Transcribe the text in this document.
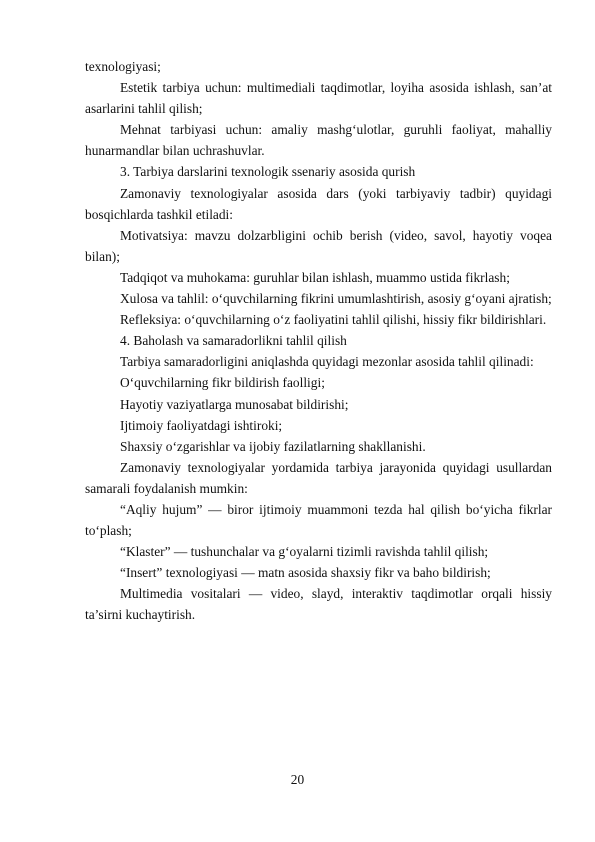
texnologiyasi;

Estetik tarbiya uchun: multimediali taqdimotlar, loyiha asosida ishlash, san’at asarlarini tahlil qilish;

Mehnat tarbiyasi uchun: amaliy mashg‘ulotlar, guruhli faoliyat, mahalliy hunarmandlar bilan uchrashuvlar.

3. Tarbiya darslarini texnologik ssenariy asosida qurish

Zamonaviy texnologiyalar asosida dars (yoki tarbiyaviy tadbir) quyidagi bosqichlarda tashkil etiladi:

Motivatsiya: mavzu dolzarbligini ochib berish (video, savol, hayotiy voqea bilan);

Tadqiqot va muhokama: guruhlar bilan ishlash, muammo ustida fikrlash;

Xulosa va tahlil: o‘quvchilarning fikrini umumlashtirish, asosiy g‘oyani ajratish;

Refleksiya: o‘quvchilarning o‘z faoliyatini tahlil qilishi, hissiy fikr bildirishlari.

4. Baholash va samaradorlikni tahlil qilish

Tarbiya samaradorligini aniqlashda quyidagi mezonlar asosida tahlil qilinadi:

O‘quvchilarning fikr bildirish faolligi;

Hayotiy vaziyatlarga munosabat bildirishi;

Ijtimoiy faoliyatdagi ishtiroki;

Shaxsiy o‘zgarishlar va ijobiy fazilatlarning shakllanishi.

Zamonaviy texnologiyalar yordamida tarbiya jarayonida quyidagi usullardan samarali foydalanish mumkin:

“Aqliy hujum” — biror ijtimoiy muammoni tezda hal qilish bo‘yicha fikrlar to‘plash;

“Klaster” — tushunchalar va g‘oyalarni tizimli ravishda tahlil qilish;

“Insert” texnologiyasi — matn asosida shaxsiy fikr va baho bildirish;

Multimedia vositalari — video, slayd, interaktiv taqdimotlar orqali hissiy ta’sirni kuchaytirish.

20
